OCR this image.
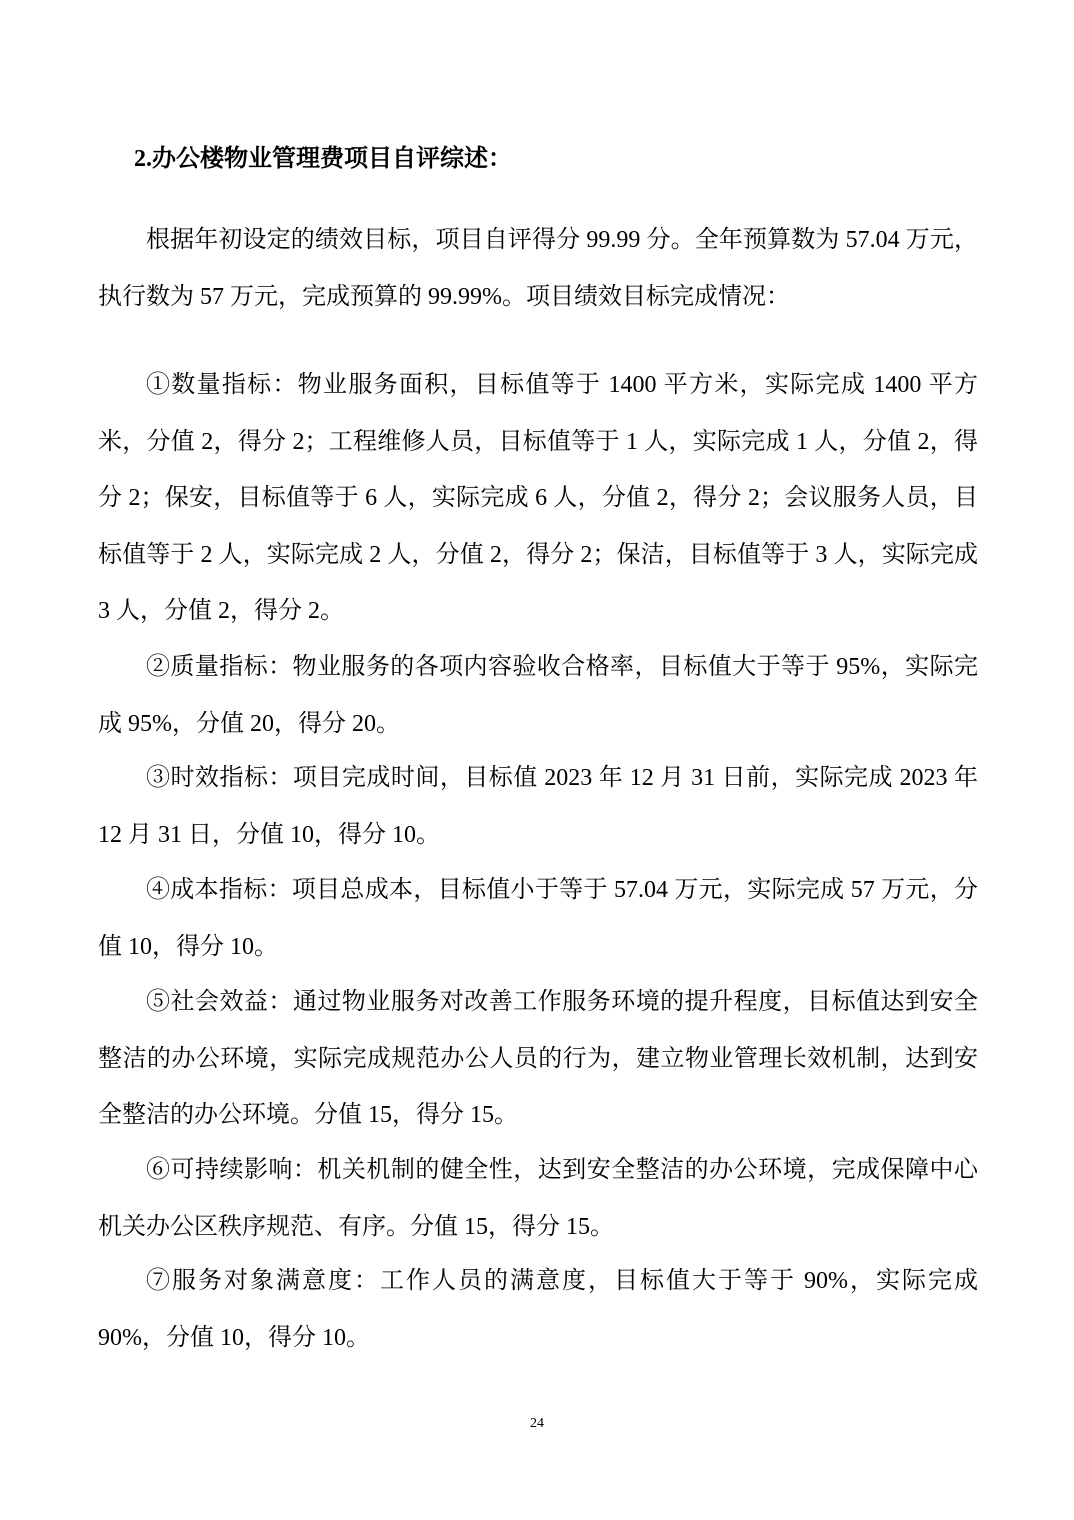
2.办公楼物业管理费项目自评综述：

根据年初设定的绩效目标，项目自评得分 99.99 分。全年预算数为 57.04 万元，执行数为 57 万元，完成预算的 99.99%。项目绩效目标完成情况：

①数量指标：物业服务面积，目标值等于 1400 平方米，实际完成 1400 平方米，分值 2，得分 2；工程维修人员，目标值等于 1 人，实际完成 1 人，分值 2，得分 2；保安，目标值等于 6 人，实际完成 6 人，分值 2，得分 2；会议服务人员，目标值等于 2 人，实际完成 2 人，分值 2，得分 2；保洁，目标值等于 3 人，实际完成 3 人，分值 2，得分 2。

②质量指标：物业服务的各项内容验收合格率，目标值大于等于 95%，实际完成 95%，分值 20，得分 20。

③时效指标：项目完成时间，目标值 2023 年 12 月 31 日前，实际完成 2023 年 12 月 31 日，分值 10，得分 10。

④成本指标：项目总成本，目标值小于等于 57.04 万元，实际完成 57 万元，分值 10，得分 10。

⑤社会效益：通过物业服务对改善工作服务环境的提升程度，目标值达到安全整洁的办公环境，实际完成规范办公人员的行为，建立物业管理长效机制，达到安全整洁的办公环境。分值 15，得分 15。

⑥可持续影响：机关机制的健全性，达到安全整洁的办公环境，完成保障中心机关办公区秩序规范、有序。分值 15，得分 15。

⑦服务对象满意度：工作人员的满意度，目标值大于等于 90%，实际完成 90%，分值 10，得分 10。

24
